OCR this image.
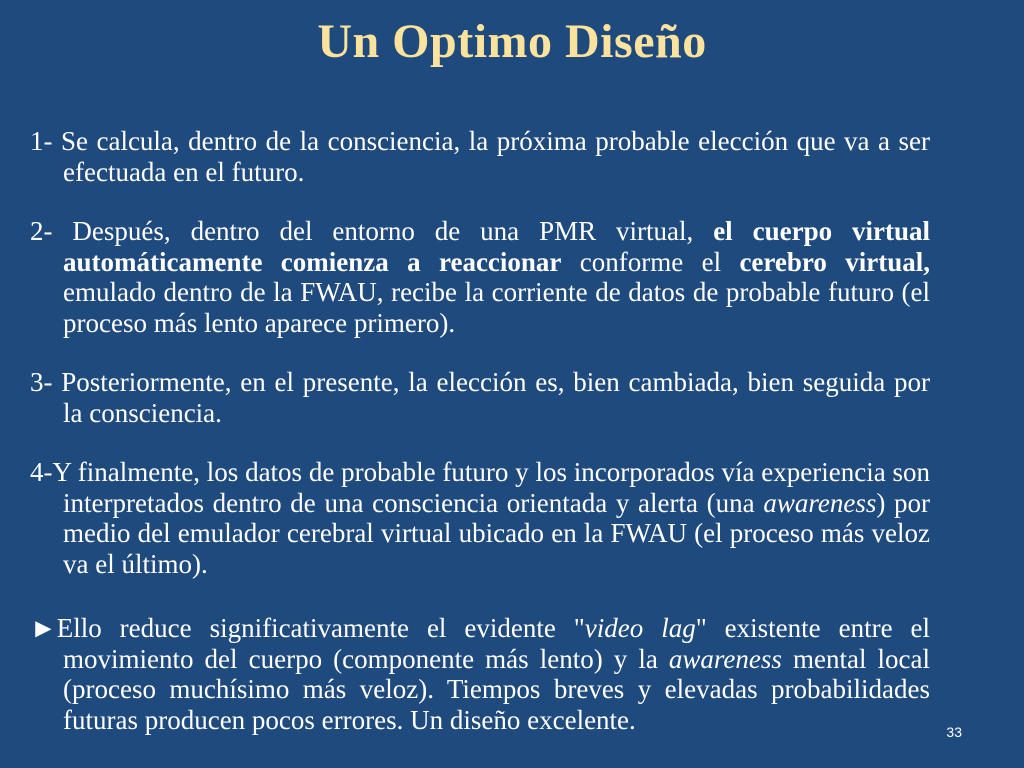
Un Optimo Diseño

1- Se calcula, dentro de la consciencia, la próxima probable elección que va a ser efectuada en el futuro.

2- Después, dentro del entorno de una PMR virtual, el cuerpo virtual automáticamente comienza a reaccionar conforme el cerebro virtual, emulado dentro de la FWAU, recibe la corriente de datos de probable futuro (el proceso más lento aparece primero).

3- Posteriormente, en el presente, la elección es, bien cambiada, bien seguida por la consciencia.

4-Y finalmente, los datos de probable futuro y los incorporados vía experiencia son interpretados dentro de una consciencia orientada y alerta (una awareness) por medio del emulador cerebral virtual ubicado en la FWAU (el proceso más veloz va el último).

►Ello reduce significativamente el evidente "video lag" existente entre el movimiento del cuerpo (componente más lento) y la awareness mental local (proceso muchísimo más veloz). Tiempos breves y elevadas probabilidades futuras producen pocos errores. Un diseño excelente.	33
